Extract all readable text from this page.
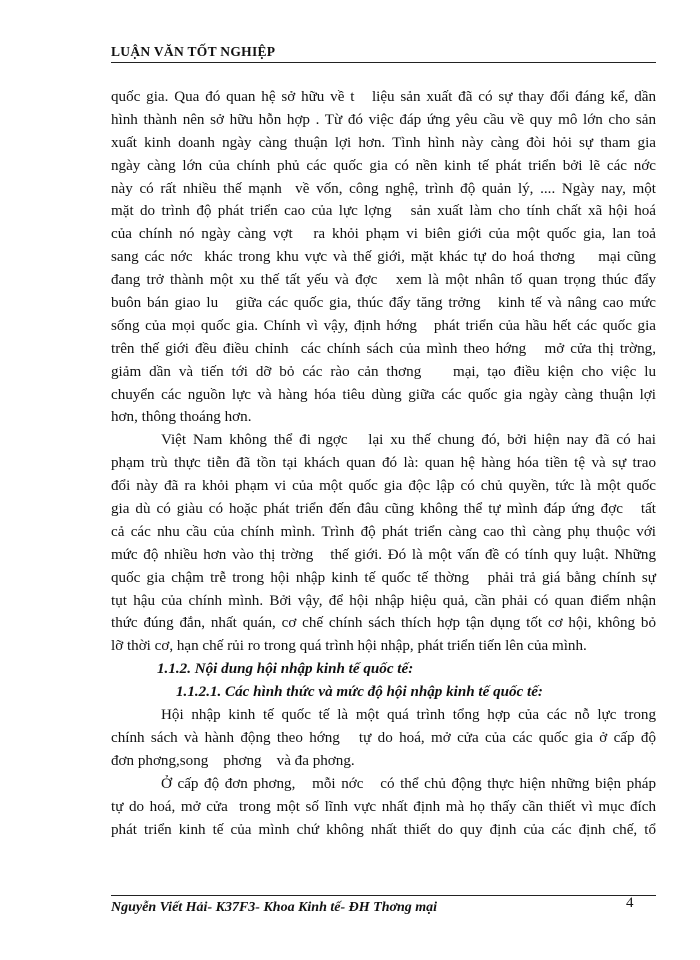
LUẬN VĂN TỐT NGHIỆP
quốc gia. Qua đó quan hệ sở hữu về t   liệu sản xuất đã có sự thay đổi đáng kể, dần
hình thành nên sở hữu hỗn hợp . Từ đó việc đáp ứng yêu cầu về quy mô lớn cho sản
xuất kinh doanh ngày càng thuận lợi hơn. Tình hình này càng đòi hỏi sự tham gia
ngày càng lớn của chính phủ các quốc gia có nền kinh tế phát triển bởi lẽ các nớc
này có rất nhiều thế mạnh  về vốn, công nghệ, trình độ quản lý, .... Ngày nay, một
mặt do trình độ phát triển cao của lực lợng   sản xuất làm cho tính chất xã hội hoá
của chính nó ngày càng vợt   ra khỏi phạm vi biên giới của một quốc gia, lan toả
sang các nớc  khác trong khu vực và thế giới, mặt khác tự do hoá thơng    mại cũng
đang trở thành một xu thế tất yếu và đợc   xem là một nhân tố quan trọng thúc đẩy
buôn bán giao lu   giữa các quốc gia, thúc đẩy tăng trởng   kinh tế và nâng cao mức
sống của mọi quốc gia. Chính vì vậy, định hớng   phát triển của hầu hết các quốc gia
trên thế giới đều điều chỉnh  các chính sách của mình theo hớng   mở cửa thị trờng,
giảm dần và tiến tới dỡ bỏ các rào cản thơng    mại, tạo điều kiện cho việc lu
chuyển các nguồn lực và hàng hóa tiêu dùng giữa các quốc gia ngày càng thuận lợi
hơn, thông thoáng hơn.
Việt Nam không thể đi ngợc   lại xu thế chung đó, bởi hiện nay đã có hai
phạm trù thực tiễn đã tồn tại khách quan đó là: quan hệ hàng hóa tiền tệ và sự trao
đổi này đã ra khỏi phạm vi của một quốc gia độc lập có chủ quyền, tức là một quốc
gia dù có giàu có hoặc phát triển đến đâu cũng không thể tự mình đáp ứng đợc   tất
cả các nhu cầu của chính mình. Trình độ phát triển càng cao thì càng phụ thuộc với
mức độ nhiều hơn vào thị trờng   thế giới. Đó là một vấn đề có tính quy luật. Những
quốc gia chậm trễ trong hội nhập kinh tế quốc tế thờng   phải trả giá bằng chính sự
tụt hậu của chính mình. Bởi vậy, để hội nhập hiệu quả, cần phải có quan điểm nhận
thức đúng đắn, nhất quán, cơ chế chính sách thích hợp tận dụng tốt cơ hội, không bỏ
lỡ thời cơ, hạn chế rủi ro trong quá trình hội nhập, phát triển tiến lên của mình.
1.1.2. Nội dung hội nhập kinh tế quốc tế:
1.1.2.1. Các hình thức và mức độ hội nhập kinh tế quốc tế:
Hội nhập kinh tế quốc tế là một quá trình tổng hợp của các nỗ lực trong
chính sách và hành động theo hớng   tự do hoá, mở cửa của các quốc gia ở cấp độ
đơn phơng,song    phơng    và đa phơng.
Ở cấp độ đơn phơng,   mỗi nớc   có thể chủ động thực hiện những biện pháp
tự do hoá, mở cửa  trong một số lĩnh vực nhất định mà họ thấy cần thiết vì mục đích
phát triển kinh tế của mình chứ không nhất thiết do quy định của các định chế, tổ
Nguyễn Viết Hải- K37F3- Khoa Kinh tế- ĐH Thơng mại	4
